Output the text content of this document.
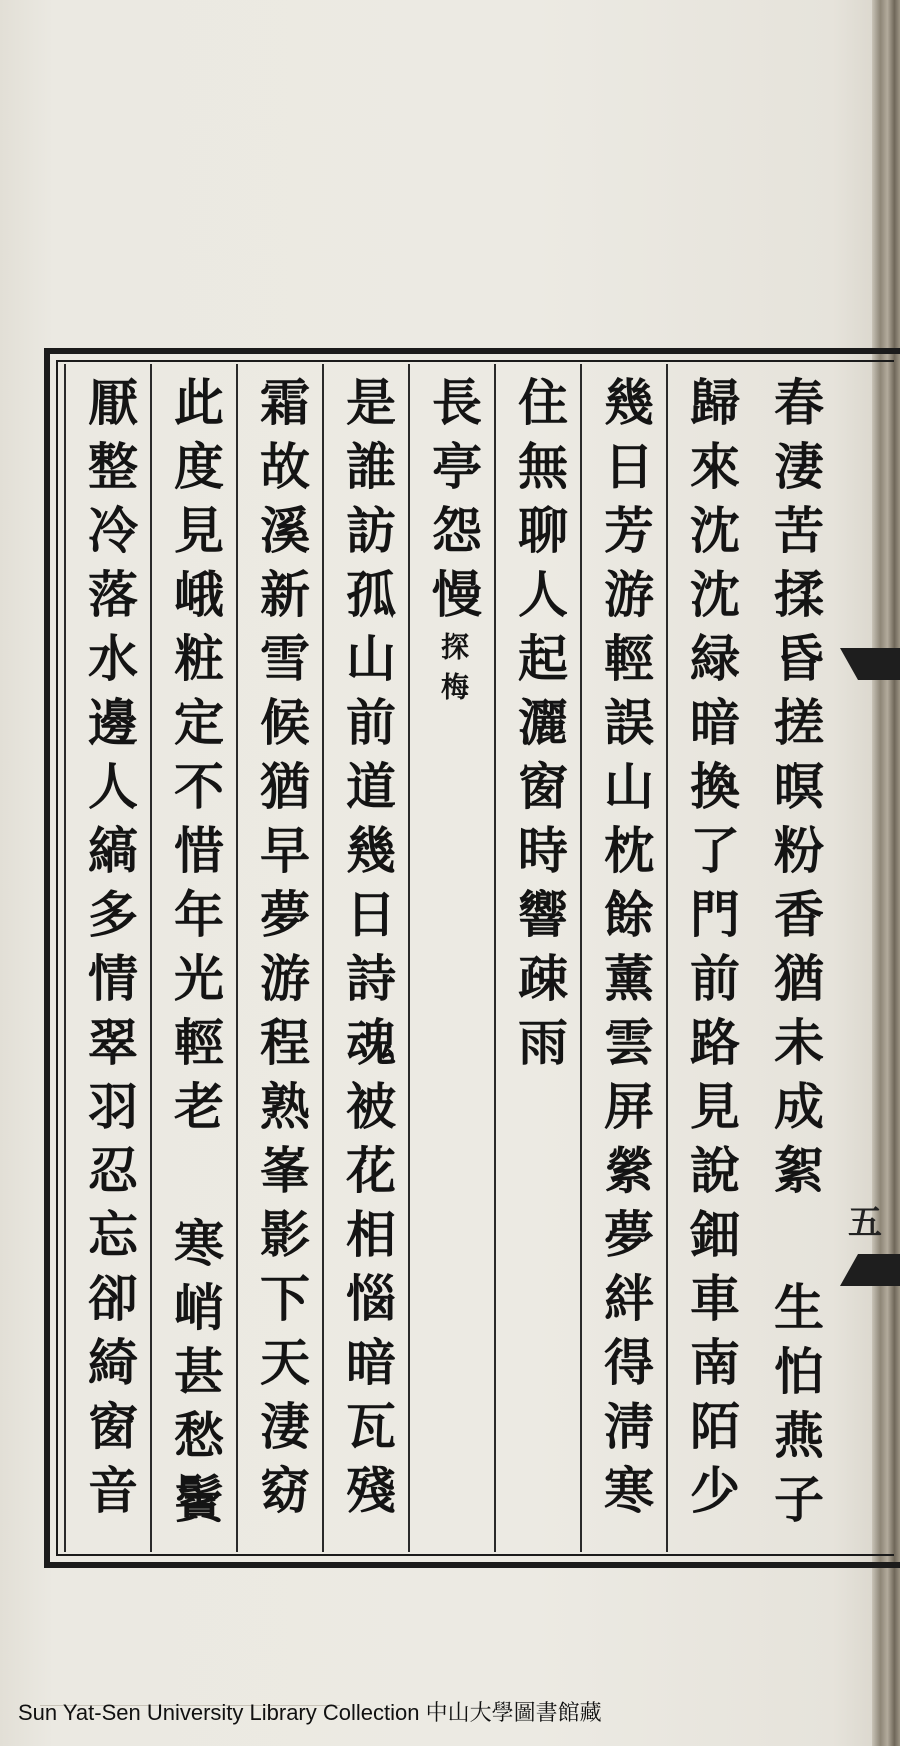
五
春淒苦揉昏搓暝粉香猶未成絮 生怕燕子
歸來沈沈緑暗換了門前路見說鈿車南陌少
幾日芳游輕誤山枕餘薰雲屏縈夢絆得淸寒
住無聊人起灑窗時響疎雨
長亭怨慢探梅
是誰訪孤山前道幾日詩魂被花相惱暗瓦殘
霜故溪新雪候猶早夢游程熟峯影下天淒窈
此度見峨粧定不惜年光輕老 寒峭甚愁鬢
厭整冷落水邊人縞多情翠羽忍忘卻綺窗音
Sun Yat-Sen University Library Collection 中山大學圖書館藏
